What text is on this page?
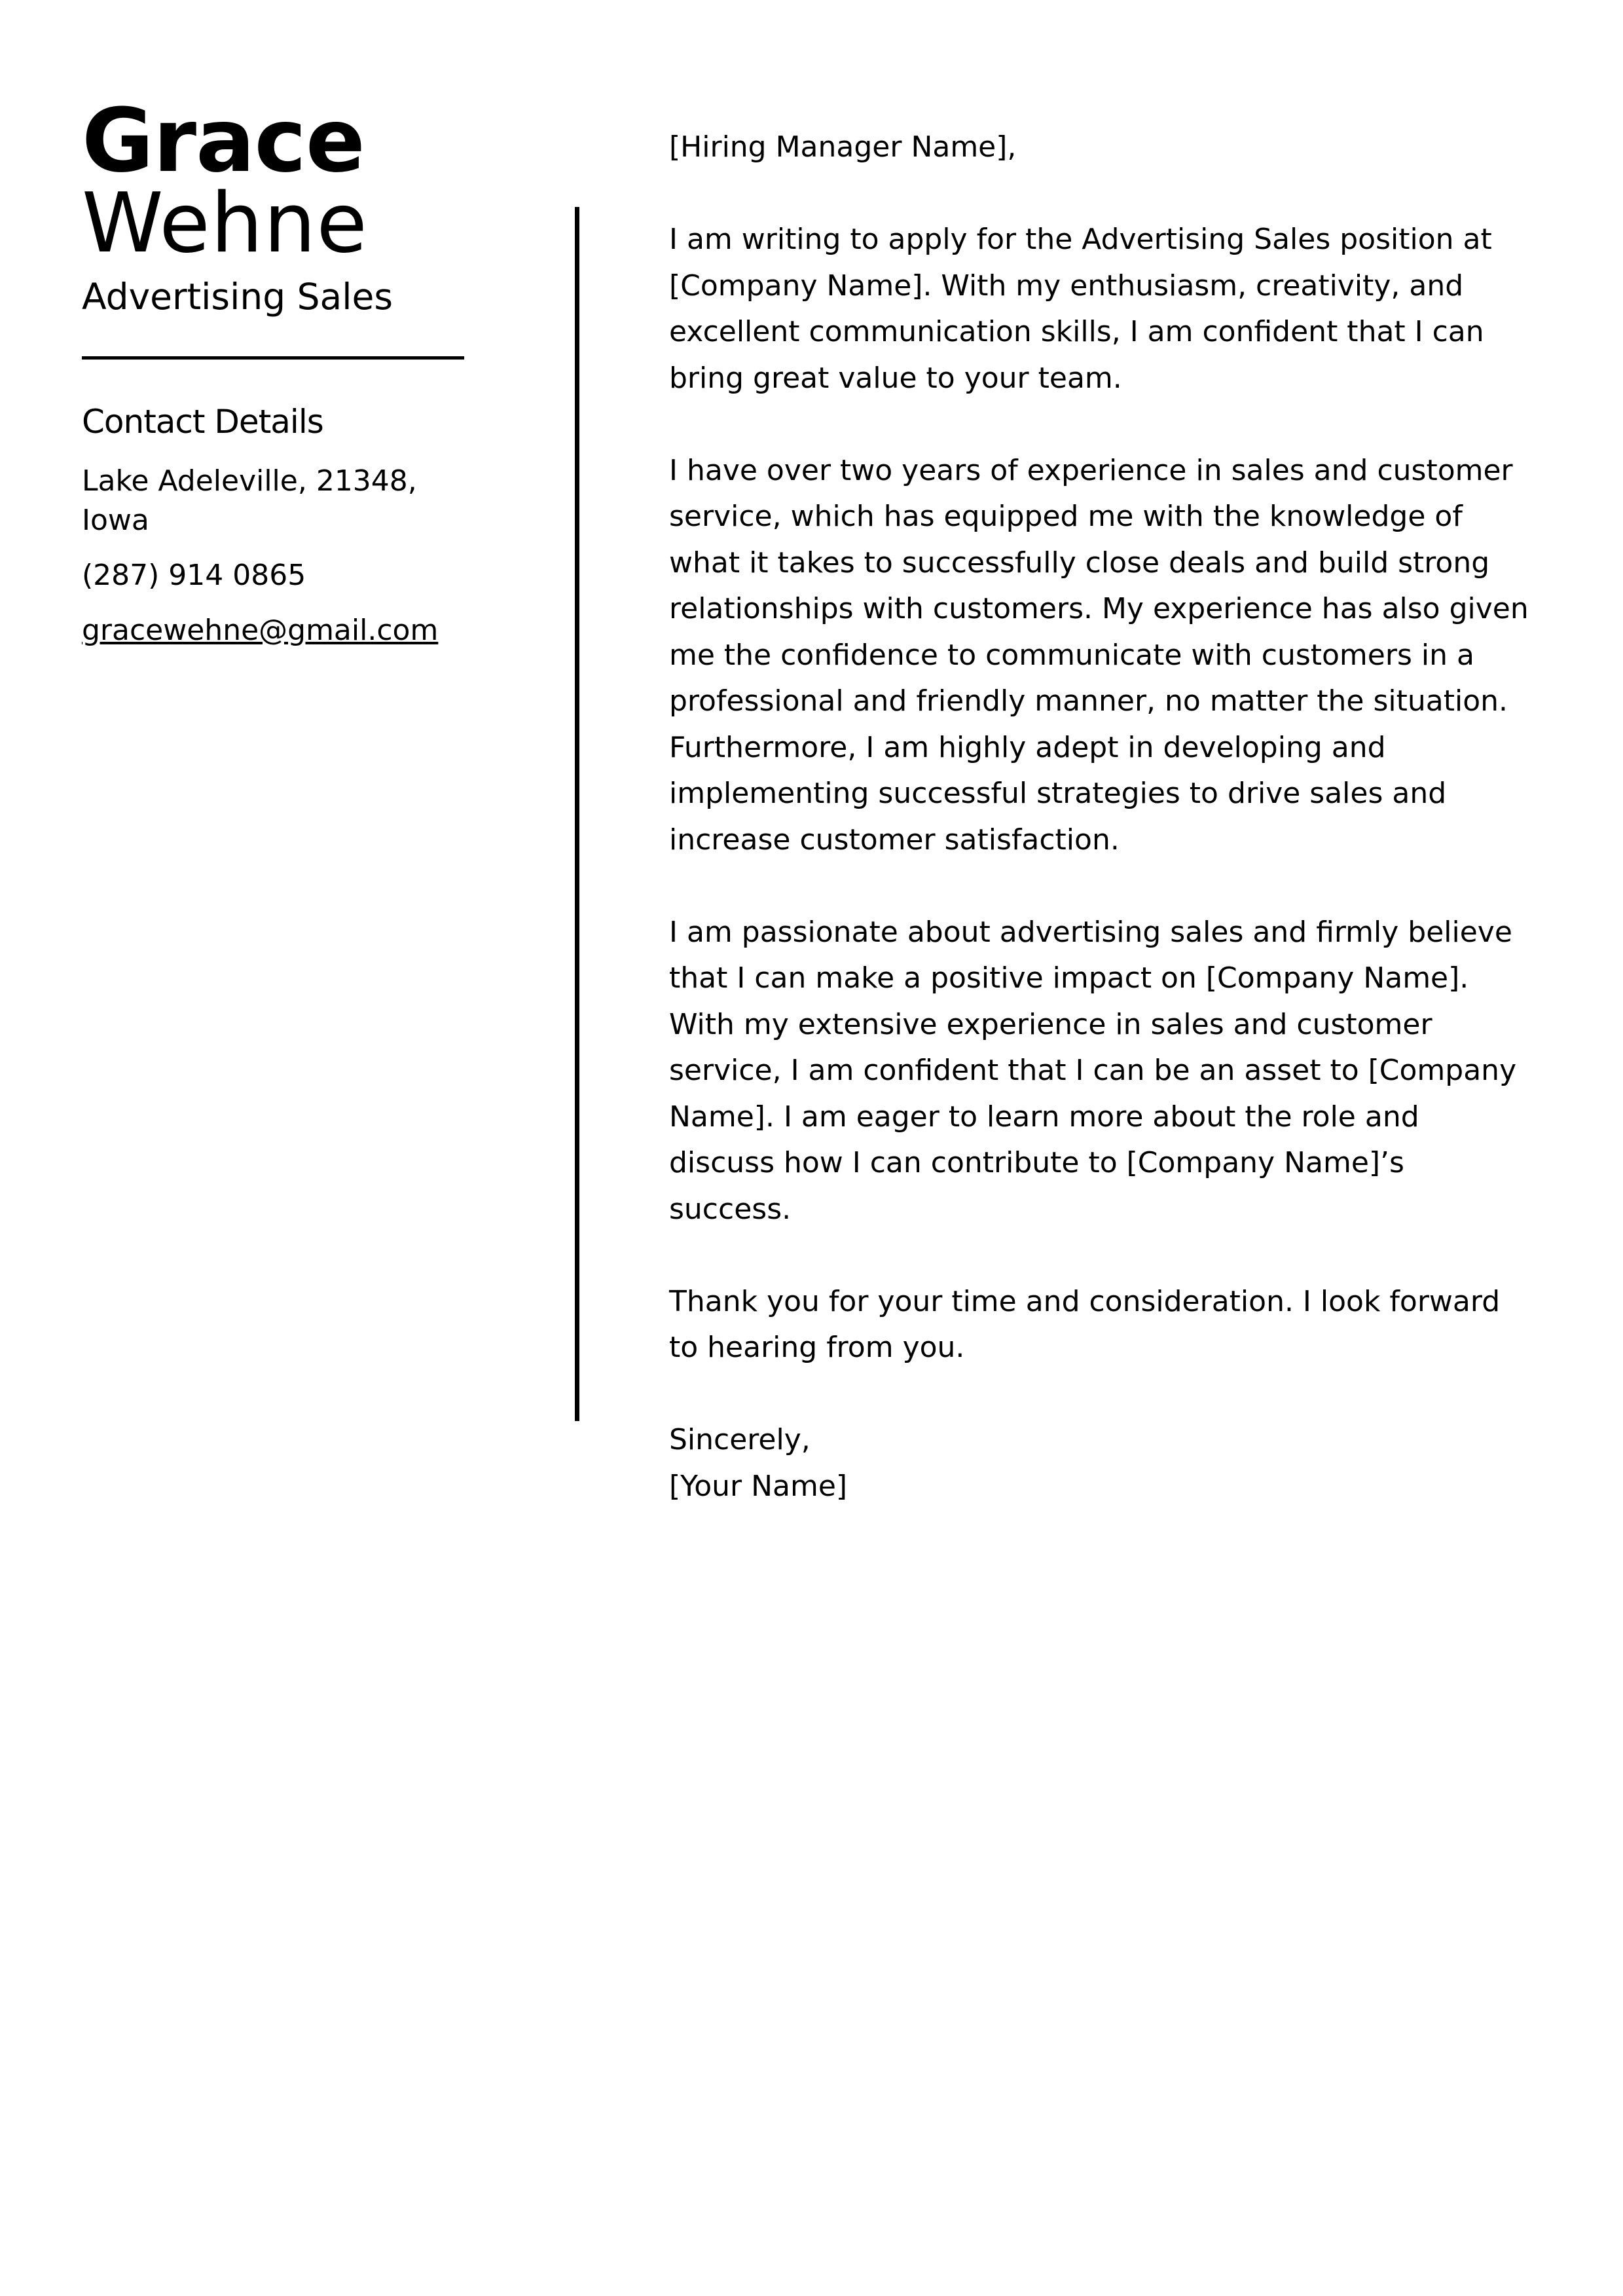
Grace
Wehne
Advertising Sales
Contact Details
Lake Adeleville, 21348, Iowa
(287) 914 0865
gracewehne@gmail.com

[Hiring Manager Name],

I am writing to apply for the Advertising Sales position at [Company Name]. With my enthusiasm, creativity, and excellent communication skills, I am confident that I can bring great value to your team.

I have over two years of experience in sales and customer service, which has equipped me with the knowledge of what it takes to successfully close deals and build strong relationships with customers. My experience has also given me the confidence to communicate with customers in a professional and friendly manner, no matter the situation. Furthermore, I am highly adept in developing and implementing successful strategies to drive sales and increase customer satisfaction.

I am passionate about advertising sales and firmly believe that I can make a positive impact on [Company Name]. With my extensive experience in sales and customer service, I am confident that I can be an asset to [Company Name]. I am eager to learn more about the role and discuss how I can contribute to [Company Name]’s success.

Thank you for your time and consideration. I look forward to hearing from you.

Sincerely,
[Your Name]
